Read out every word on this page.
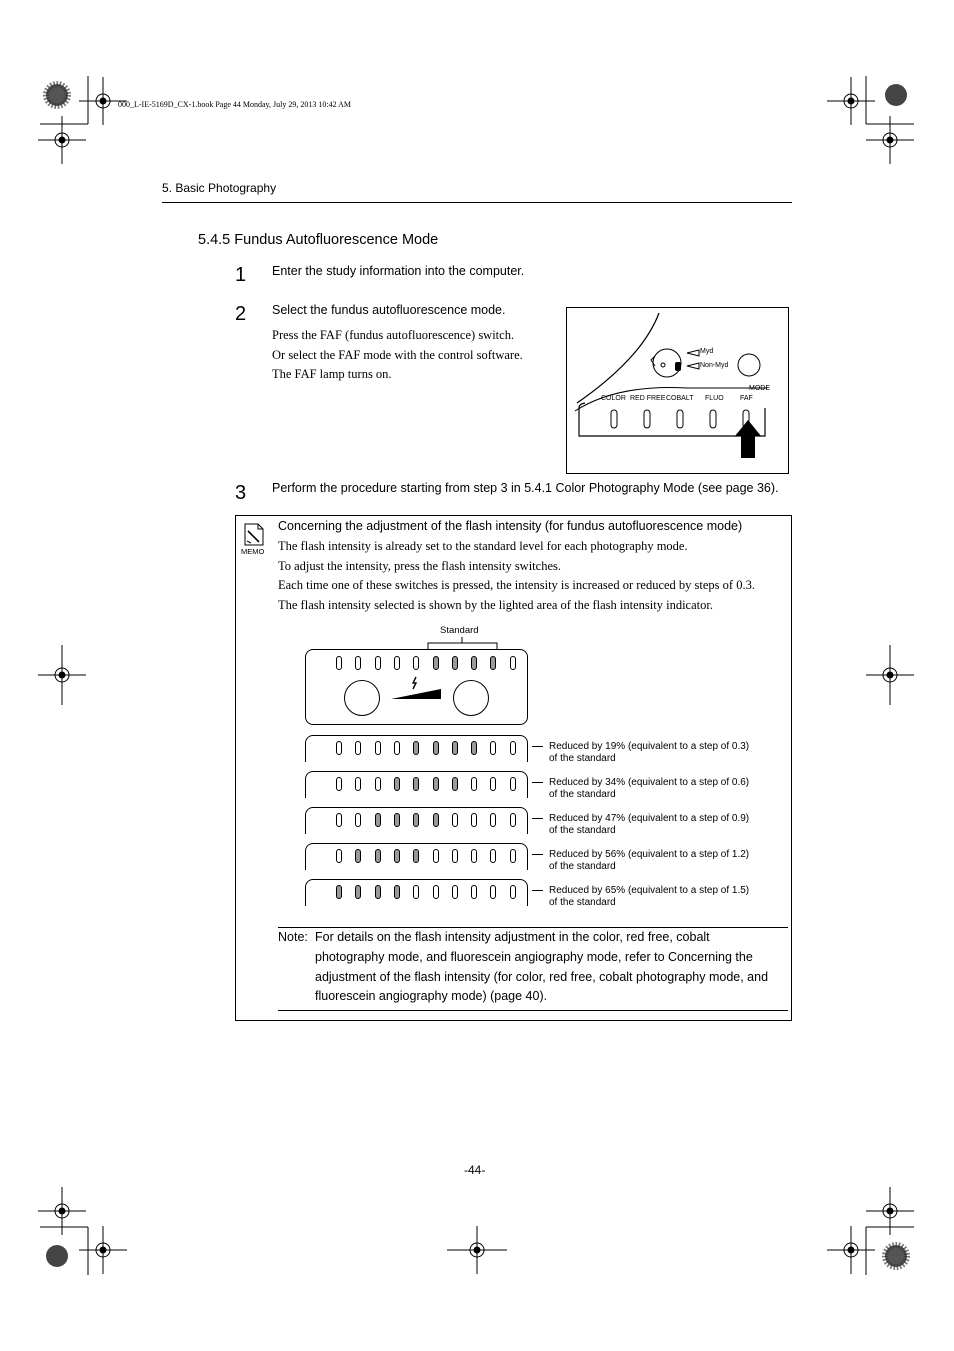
000_L-IE-5169D_CX-1.book Page 44 Monday, July 29, 2013 10:42 AM
5. Basic Photography
5.4.5 Fundus Autofluorescence Mode
1 Enter the study information into the computer.
2 Select the fundus autofluorescence mode.
Press the FAF (fundus autofluorescence) switch.
Or select the FAF mode with the control software.
The FAF lamp turns on.
Myd
Non-Myd
MODE
COLOR RED FREE COBALT FLUO FAF
3 Perform the procedure starting from step 3 in 5.4.1 Color Photography Mode (see page 36).
MEMO
Concerning the adjustment of the flash intensity (for fundus autofluorescence mode)
The flash intensity is already set to the standard level for each photography mode.
To adjust the intensity, press the flash intensity switches.
Each time one of these switches is pressed, the intensity is increased or reduced by steps of 0.3.
The flash intensity selected is shown by the lighted area of the flash intensity indicator.
Standard
Reduced by 19% (equivalent to a step of 0.3)
of the standard
Reduced by 34% (equivalent to a step of 0.6)
of the standard
Reduced by 47% (equivalent to a step of 0.9)
of the standard
Reduced by 56% (equivalent to a step of 1.2)
of the standard
Reduced by 65% (equivalent to a step of 1.5)
of the standard
Note: For details on the flash intensity adjustment in the color, red free, cobalt
photography mode, and fluorescein angiography mode, refer to Concerning the
adjustment of the flash intensity (for color, red free, cobalt photography mode, and
fluorescein angiography mode) (page 40).
-44-
